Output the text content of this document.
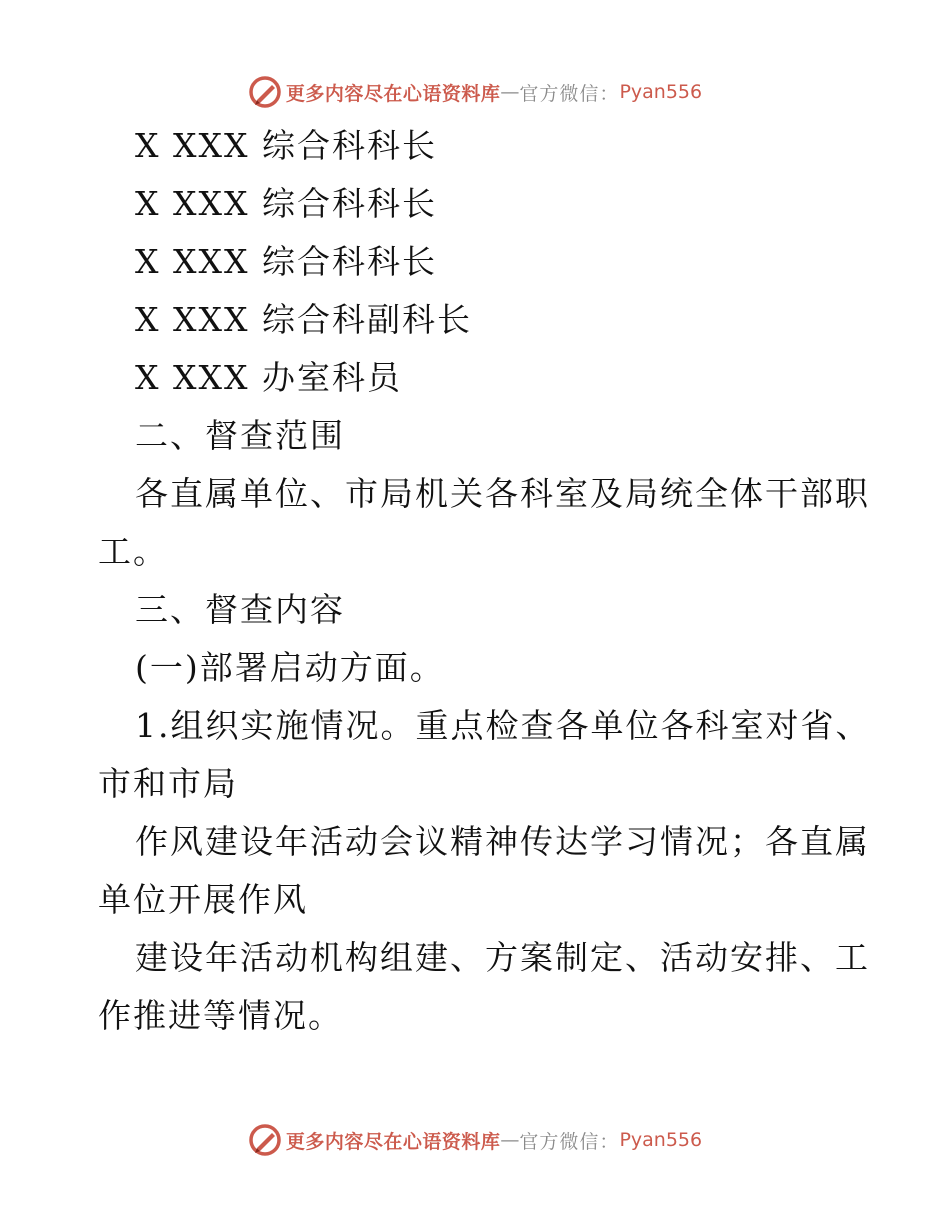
更多内容尽在心语资料库 — 官方微信： Pyan556
X XXX 综合科科长
X XXX 综合科科长
X XXX 综合科科长
X XXX 综合科副科长
X XXX 办室科员
二、督查范围
各直属单位、市局机关各科室及局统全体干部职
工。
三、督查内容
(一)部署启动方面。
1.组织实施情况。重点检查各单位各科室对省、
市和市局
作风建设年活动会议精神传达学习情况；各直属
单位开展作风
建设年活动机构组建、方案制定、活动安排、工
作推进等情况。
更多内容尽在心语资料库 — 官方微信： Pyan556
